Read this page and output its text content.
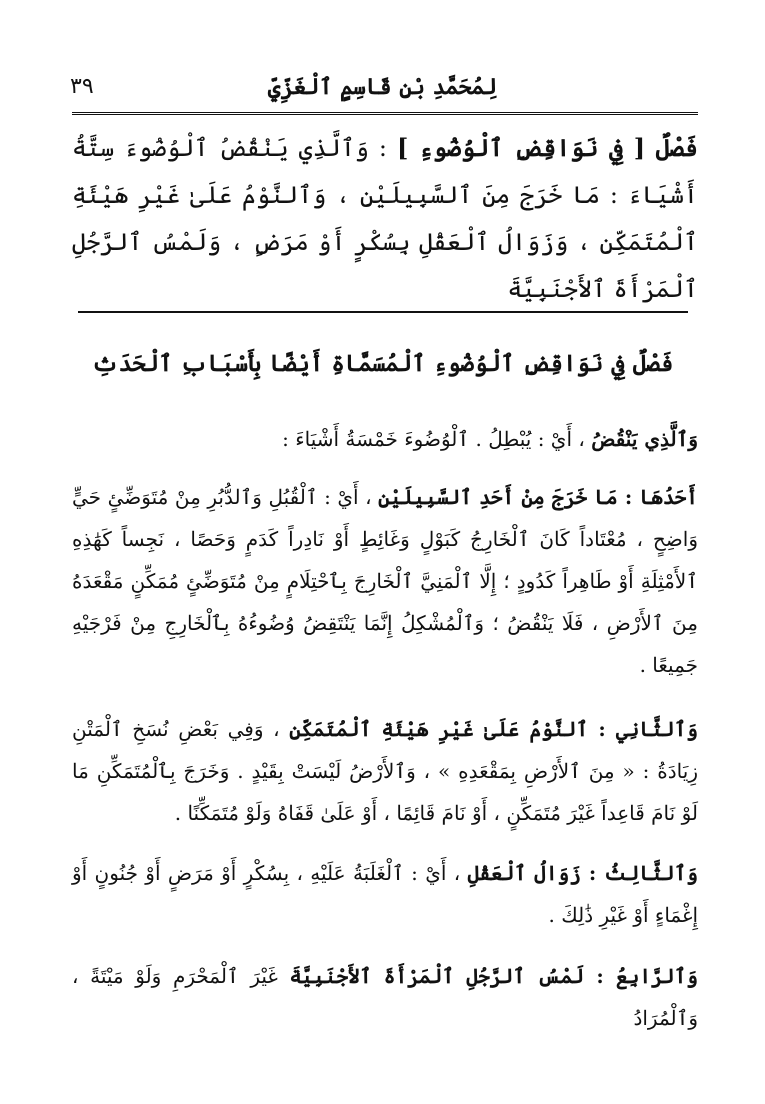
لِمُحَمَّدِ بْنِ قَاسِمٍ ٱلْغَزِّيِّ
٣٩
فَصْلٌ [ فِي نَوَاقِضِ ٱلْوُضُوءِ ] : وَٱلَّذِي يَنْقُضُ ٱلْوُضُوءَ سِتَّةُ أَشْيَاءَ : مَا خَرَجَ مِنَ ٱلسَّبِيلَيْنِ ، وَٱلنَّوْمُ عَلَىٰ غَيْرِ هَيْئَةِ ٱلْمُتَمَكِّنِ ، وَزَوَالُ ٱلْعَقْلِ بِسُكْرٍ أَوْ مَرَضٍ ، وَلَمْسُ ٱلرَّجُلِ ٱلْمَرْأَةَ ٱلأَجْنَبِيَّةَ
فَصْلٌ فِي نَوَاقِضِ ٱلْوُضُوءِ ٱلْمُسَمَّاةِ أَيْضًا بِأَسْبَابِ ٱلْحَدَثِ
وَٱلَّذِي يَنْقُضُ ، أَيْ : يُبْطِلُ . ٱلْوُضُوءَ خَمْسَةُ أَشْيَاءَ :
أَحَدُهَا : مَا خَرَجَ مِنْ أَحَدِ ٱلسَّبِيلَيْنِ ، أَيْ : ٱلْقُبُلِ وَٱلدُّبُرِ مِنْ مُتَوَضِّئٍ حَيٍّ وَاضِحٍ ، مُعْتَاداً كَانَ ٱلْخَارِجُ كَبَوْلٍ وَغَائِطٍ أَوْ نَادِراً كَدَمٍ وَحَصًا ، نَجِساً كَهَٰذِهِ ٱلأَمْثِلَةِ أَوْ طَاهِراً كَدُودٍ ؛ إِلَّا ٱلْمَنِيَّ ٱلْخَارِجَ بِٱحْتِلَامٍ مِنْ مُتَوَضِّئٍ مُمَكِّنٍ مَقْعَدَهُ مِنَ ٱلأَرْضِ ، فَلَا يَنْقُضُ ؛ وَٱلْمُشْكِلُ إِنَّمَا يَنْتَقِضُ وُضُوءُهُ بِٱلْخَارِجِ مِنْ فَرْجَيْهِ جَمِيعًا .
وَٱلثَّانِي : ٱلنَّوْمُ عَلَىٰ غَيْرِ هَيْئَةِ ٱلْمُتَمَكِّنِ ، وَفِي بَعْضِ نُسَخِ ٱلْمَتْنِ زِيَادَةُ : « مِنَ ٱلأَرْضِ بِمَقْعَدِهِ » ، وَٱلأَرْضُ لَيْسَتْ بِقَيْدٍ . وَخَرَجَ بِٱلْمُتَمَكِّنِ مَا لَوْ نَامَ قَاعِداً غَيْرَ مُتَمَكِّنٍ ، أَوْ نَامَ قَائِمًا ، أَوْ عَلَىٰ قَفَاهُ وَلَوْ مُتَمَكِّنًا .
وَٱلثَّالِثُ : زَوَالُ ٱلْعَقْلِ ، أَيْ : ٱلْغَلَبَةُ عَلَيْهِ ، بِسُكْرٍ أَوْ مَرَضٍ أَوْ جُنُونٍ أَوْ إِغْمَاءٍ أَوْ غَيْرِ ذَٰلِكَ .
وَٱلرَّابِعُ : لَمْسُ ٱلرَّجُلِ ٱلْمَرْأَةَ ٱلأَجْنَبِيَّةَ غَيْرَ ٱلْمَحْرَمِ وَلَوْ مَيْتَةً ، وَٱلْمُرَادُ
